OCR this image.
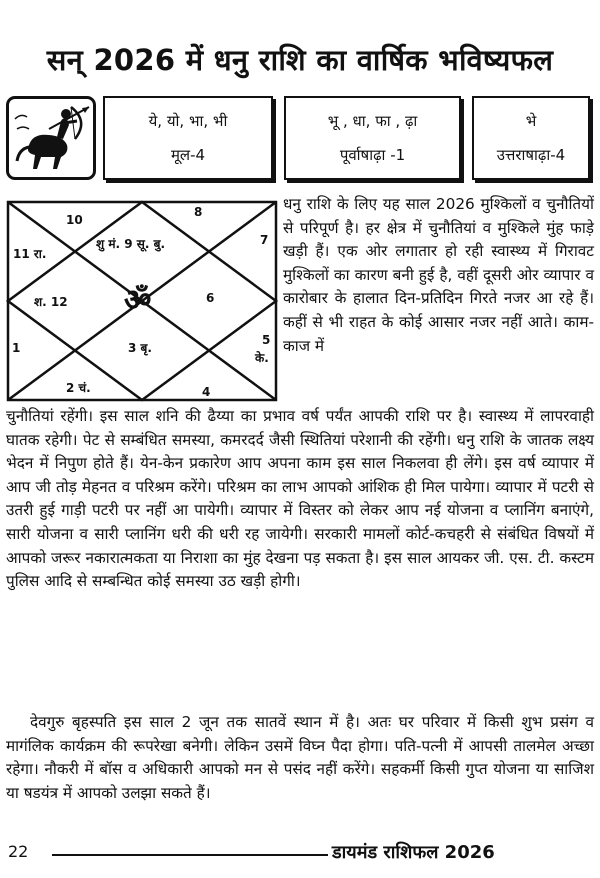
सन् 2026 में धनु राशि का वार्षिक भविष्यफल
ये, यो, भा, भी
मूल-4
भू , धा, फा , ढ़ा
पूर्वाषाढ़ा -1
भे
उत्तराषाढ़ा-4
ॐ
8
10
शु मं. 9 सू. बु.
11 रा.
7
श. 12	6
1	3 बृ.
5
के.
2 चं.	4

धनु राशि के लिए यह साल 2026 मुश्किलों व चुनौतियों से परिपूर्ण है। हर क्षेत्र में चुनौतियां व मुश्किले मुंह फाड़े खड़ी हैं। एक ओर लगातार हो रही स्वास्थ्य में गिरावट मुश्किलों का कारण बनी हुई है, वहीं दूसरी ओर व्यापार व कारोबार के हालात दिन-प्रतिदिन गिरते नजर आ रहे हैं। कहीं से भी राहत के कोई आसार नजर नहीं आते। काम-काज में

चुनौतियां रहेंगी। इस साल शनि की ढैय्या का प्रभाव वर्ष पर्यंत आपकी राशि पर है। स्वास्थ्य में लापरवाही घातक रहेगी। पेट से सम्बंधित समस्या, कमरदर्द जैसी स्थितियां परेशानी की रहेंगी। धनु राशि के जातक लक्ष्य भेदन में निपुण होते हैं। येन-केन प्रकारेण आप अपना काम इस साल निकलवा ही लेंगे। इस वर्ष व्यापार में आप जी तोड़ मेहनत व परिश्रम करेंगे। परिश्रम का लाभ आपको आंशिक ही मिल पायेगा। व्यापार में पटरी से उतरी हुई गाड़ी पटरी पर नहीं आ पायेगी। व्यापार में विस्तर को लेकर आप नई योजना व प्लानिंग बनाएंगे, सारी योजना व सारी प्लानिंग धरी की धरी रह जायेगी। सरकारी मामलों कोर्ट-कचहरी से संबंधित विषयों में आपको जरूर नकारात्मकता या निराशा का मुंह देखना पड़ सकता है। इस साल आयकर जी. एस. टी. कस्टम पुलिस आदि से सम्बन्धित कोई समस्या उठ खड़ी होगी।

देवगुरु बृहस्पति इस साल 2 जून तक सातवें स्थान में है। अतः घर परिवार में किसी शुभ प्रसंग व मागंलिक कार्यक्रम की रूपरेखा बनेगी। लेकिन उसमें विघ्न पैदा होगा। पति-पत्नी में आपसी तालमेल अच्छा रहेगा। नौकरी में बॉस व अधिकारी आपको मन से पसंद नहीं करेंगे। सहकर्मी किसी गुप्त योजना या साजिश या षडयंत्र में आपको उलझा सकते हैं।

22	डायमंड राशिफल 2026
